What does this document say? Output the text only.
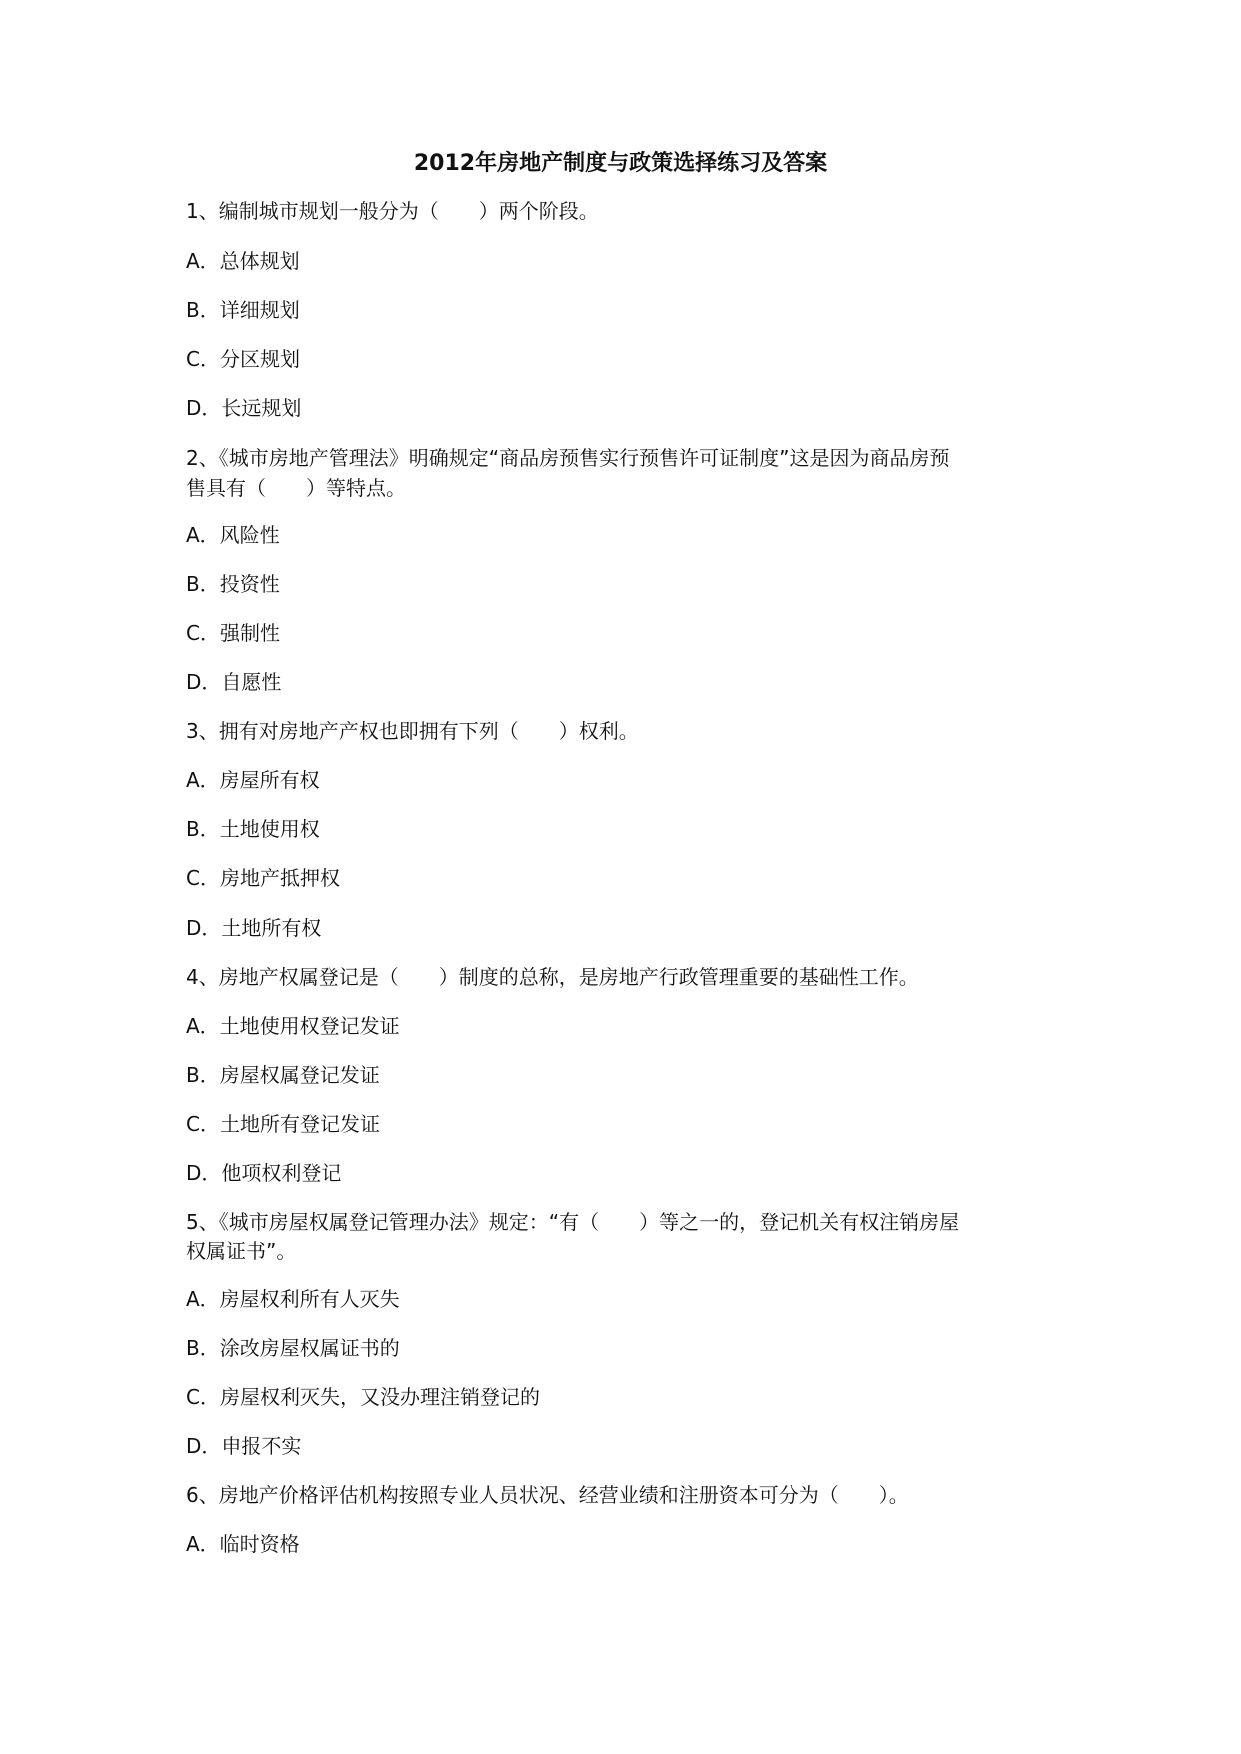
2012年房地产制度与政策选择练习及答案
1、编制城市规划一般分为（　　）两个阶段。
A．总体规划
B．详细规划
C．分区规划
D．长远规划
2、《城市房地产管理法》明确规定“商品房预售实行预售许可证制度”这是因为商品房预
售具有（　　）等特点。
A．风险性
B．投资性
C．强制性
D．自愿性
3、拥有对房地产产权也即拥有下列（　　）权利。
A．房屋所有权
B．土地使用权
C．房地产抵押权
D．土地所有权
4、房地产权属登记是（　　）制度的总称，是房地产行政管理重要的基础性工作。
A．土地使用权登记发证
B．房屋权属登记发证
C．土地所有登记发证
D．他项权利登记
5、《城市房屋权属登记管理办法》规定：“有（　　）等之一的，登记机关有权注销房屋
权属证书”。
A．房屋权利所有人灭失
B．涂改房屋权属证书的
C．房屋权利灭失，又没办理注销登记的
D．申报不实
6、房地产价格评估机构按照专业人员状况、经营业绩和注册资本可分为（　　）。
A．临时资格
